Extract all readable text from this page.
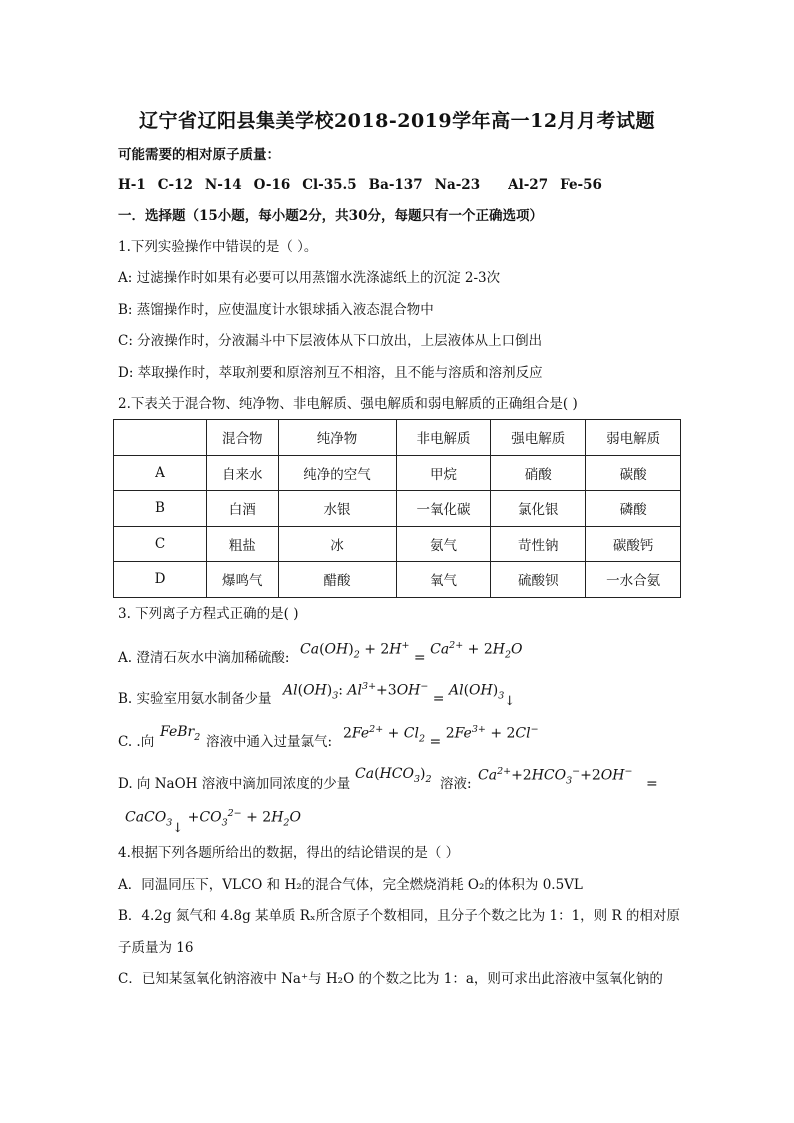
辽宁省辽阳县集美学校2018-2019学年高一12月月考试题
可能需要的相对原子质量：
H-1 C-12 N-14 O-16 Cl-35.5 Ba-137 Na-23 Al-27 Fe-56
一．选择题（15小题，每小题2分，共30分，每题只有一个正确选项）
1.下列实验操作中错误的是（ ）。
A: 过滤操作时如果有必要可以用蒸馏水洗涤滤纸上的沉淀 2-3次
B: 蒸馏操作时，应使温度计水银球插入液态混合物中
C: 分液操作时，分液漏斗中下层液体从下口放出，上层液体从上口倒出
D: 萃取操作时，萃取剂要和原溶剂互不相溶，且不能与溶质和溶剂反应
2.下表关于混合物、纯净物、非电解质、强电解质和弱电解质的正确组合是( )
	混合物	纯净物	非电解质	强电解质	弱电解质
A	自来水	纯净的空气	甲烷	硝酸	碳酸
B	白酒	水银	一氧化碳	氯化银	磷酸
C	粗盐	冰	氨气	苛性钠	碳酸钙
D	爆鸣气	醋酸	氧气	硫酸钡	一水合氨
3. 下列离子方程式正确的是( )
A. 澄清石灰水中滴加稀硫酸:
$Ca(OH)_2 + 2H^+ = Ca^{2+} + 2H_2O$
B. 实验室用氨水制备少量
$Al(OH)_3$: $Al^{3+}+3OH^-$ = $Al(OH)_3↓$
C. .向
FeBr$_2$ 溶液中通入过量氯气:
$2Fe^{2+} + Cl_2 = 2Fe^{3+} + 2Cl^-$
D. 向 NaOH 溶液中滴加同浓度的少量
$Ca(HCO_3)_2$ 溶液:
$Ca^{2+}+2HCO_3^-+2OH^-$
=
CaCO$_3$↓ $+CO_3^{2-} + 2H_2O$
4.根据下列各题所给出的数据，得出的结论错误的是（ ）
A．同温同压下，VLCO 和 H₂的混合气体，完全燃烧消耗 O₂的体积为 0.5VL
B．4.2g 氮气和 4.8g 某单质 Rₓ所含原子个数相同，且分子个数之比为 1：1，则 R 的相对原
子质量为 16
C．已知某氢氧化钠溶液中 Na⁺与 H₂O 的个数之比为 1：a，则可求出此溶液中氢氧化钠的
